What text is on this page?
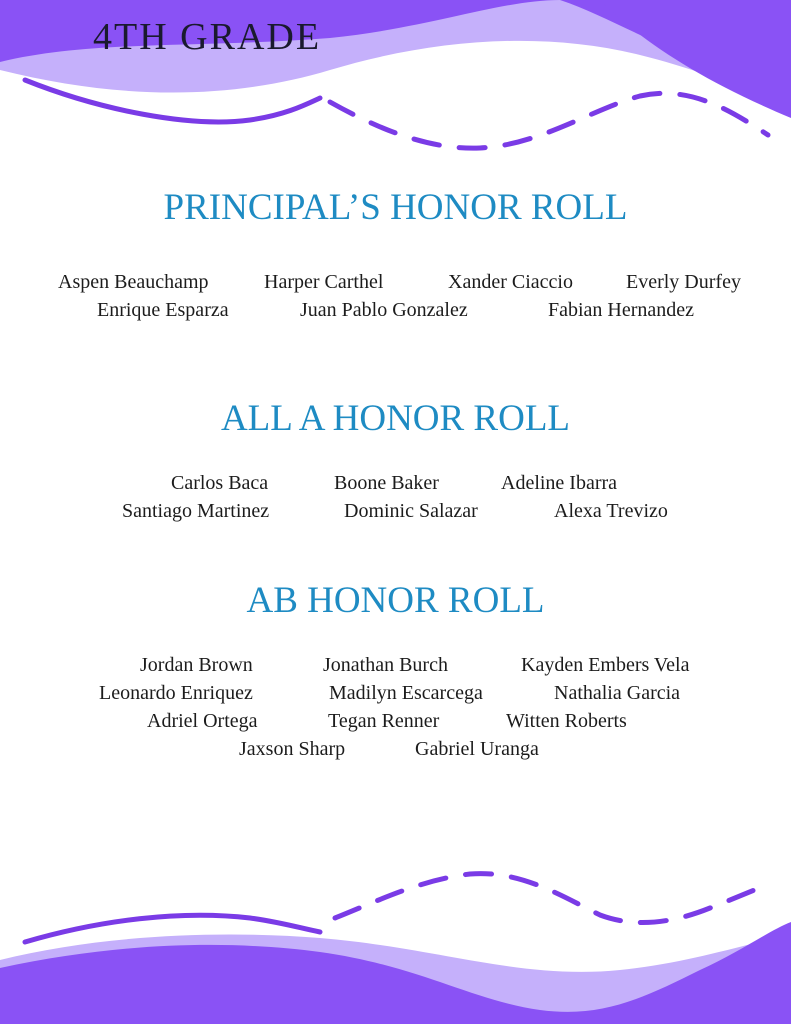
4TH GRADE
PRINCIPAL’S HONOR ROLL
Aspen Beauchamp	Harper Carthel	Xander Ciaccio	Everly Durfey
Enrique Esparza	Juan Pablo Gonzalez	Fabian Hernandez
ALL A HONOR ROLL
Carlos Baca	Boone Baker	Adeline Ibarra
Santiago Martinez	Dominic Salazar	Alexa Trevizo
AB HONOR ROLL
Jordan Brown	Jonathan Burch	Kayden Embers Vela
Leonardo Enriquez	Madilyn Escarcega	Nathalia Garcia
Adriel Ortega	Tegan Renner	Witten Roberts
Jaxson Sharp	Gabriel Uranga
